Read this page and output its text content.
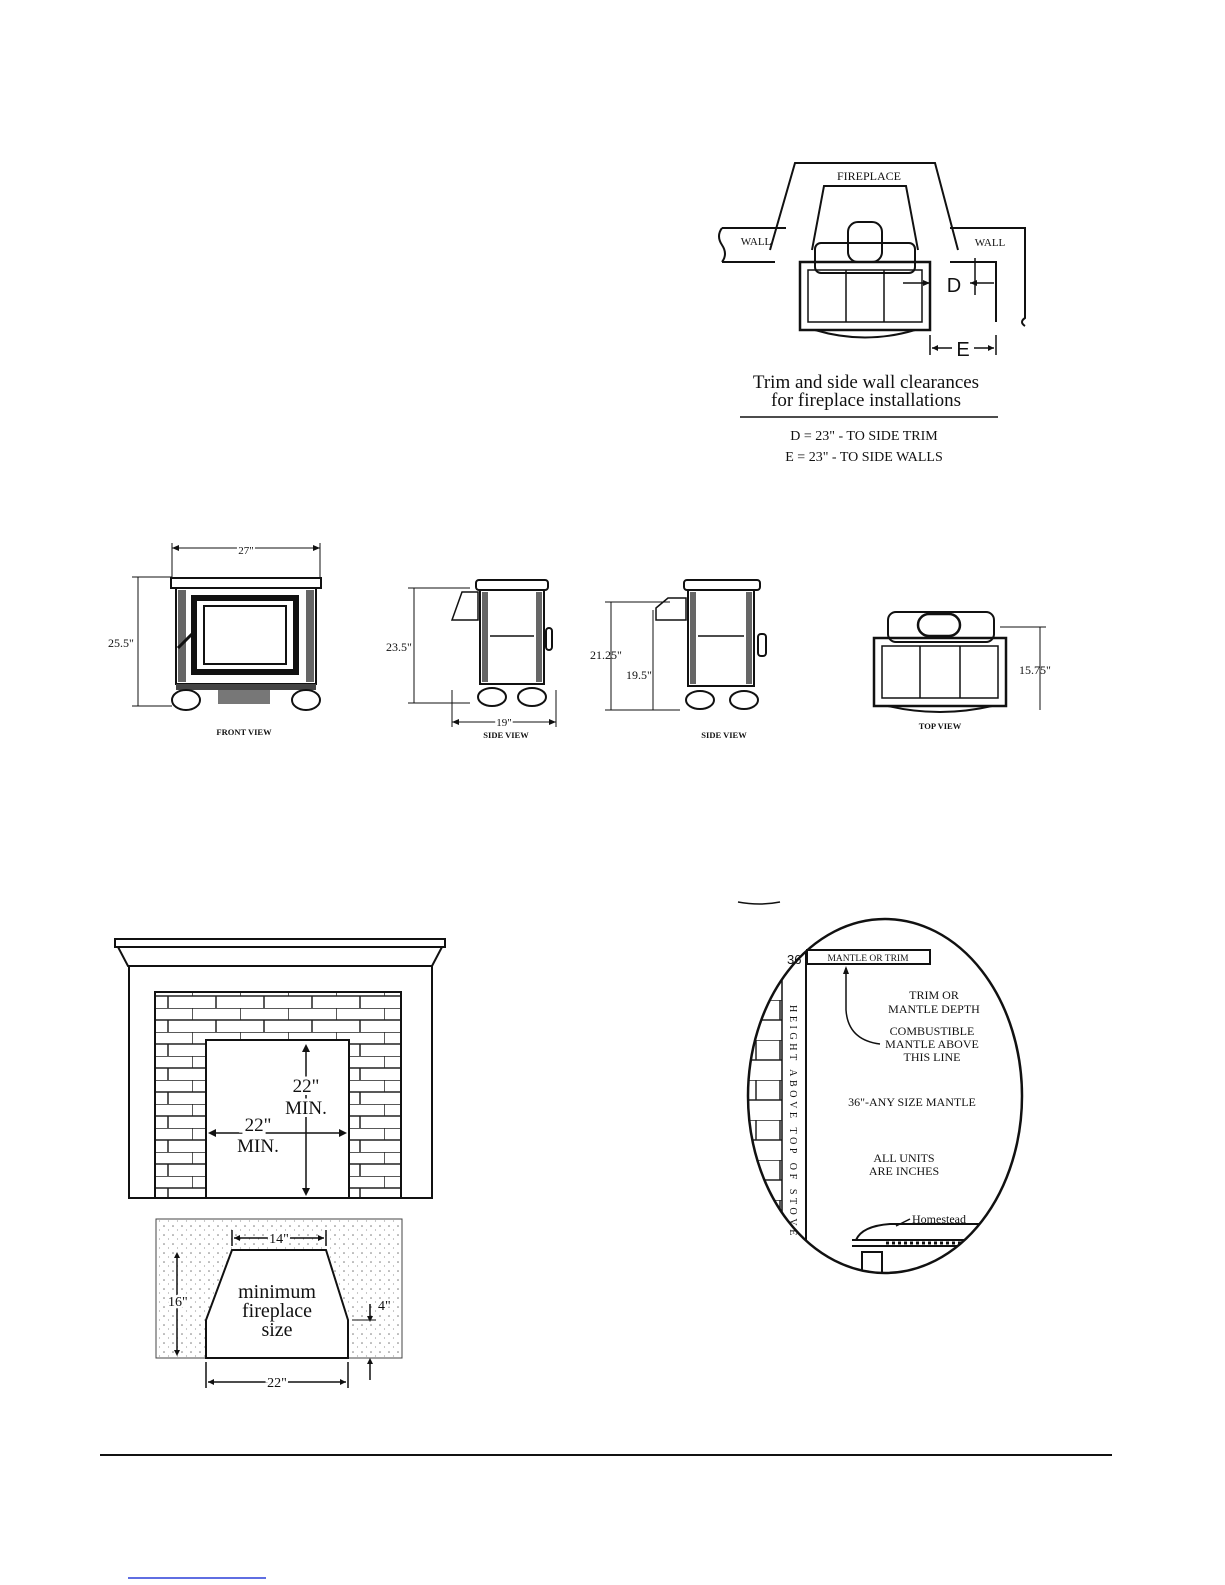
FIREPLACE
WALL	WALL
D
E
Trim and side wall clearances
for fireplace installations
D = 23" - TO SIDE TRIM
E = 23" - TO SIDE WALLS
27"
25.5"
FRONT VIEW
23.5"
19"
SIDE VIEW
21.25"
19.5"
SIDE VIEW
15.75"
TOP VIEW
22"
MIN.
22"
MIN.
14"
16"	4"
22"
minimum
fireplace
size
36	MANTLE OR TRIM
TRIM OR
MANTLE DEPTH
COMBUSTIBLE
MANTLE ABOVE
THIS LINE
36"-ANY SIZE MANTLE
ALL UNITS
ARE INCHES
HEIGHT ABOVE TOP OF STOVE	Homestead
